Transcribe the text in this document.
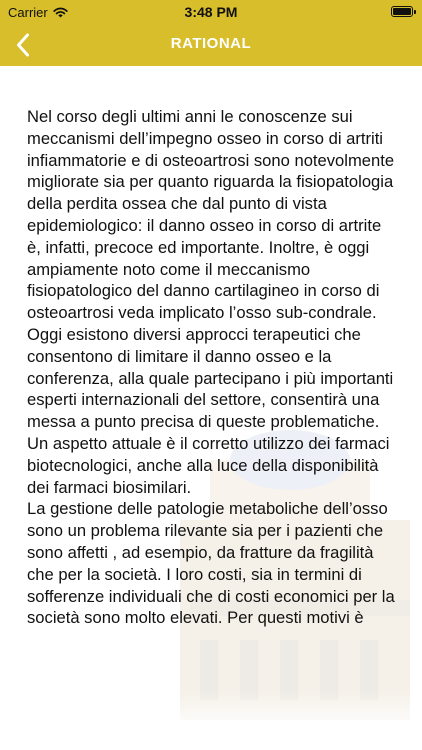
Carrier	3:48 PM
RATIONAL

Nel corso degli ultimi anni le conoscenze sui meccanismi dell’impegno osseo in corso di artriti infiammatorie e di osteoartrosi sono notevolmente migliorate sia per quanto riguarda la fisiopatologia della perdita ossea che dal punto di vista epidemiologico: il danno osseo in corso di artrite è, infatti, precoce ed importante. Inoltre, è oggi ampiamente noto come il meccanismo fisiopatologico del danno cartilagineo in corso di osteoartrosi veda implicato l’osso sub-condrale.

Oggi esistono diversi approcci terapeutici che consentono di limitare il danno osseo e la conferenza, alla quale partecipano i più importanti esperti internazionali del settore, consentirà una messa a punto precisa di queste problematiche.

Un aspetto attuale è il corretto utilizzo dei farmaci biotecnologici, anche alla luce della disponibilità dei farmaci biosimilari.

La gestione delle patologie metaboliche dell’osso sono un problema rilevante sia per i pazienti che sono affetti , ad esempio, da fratture da fragilità che per la società. I loro costi, sia in termini di sofferenze individuali che di costi economici per la società sono molto elevati. Per questi motivi è
